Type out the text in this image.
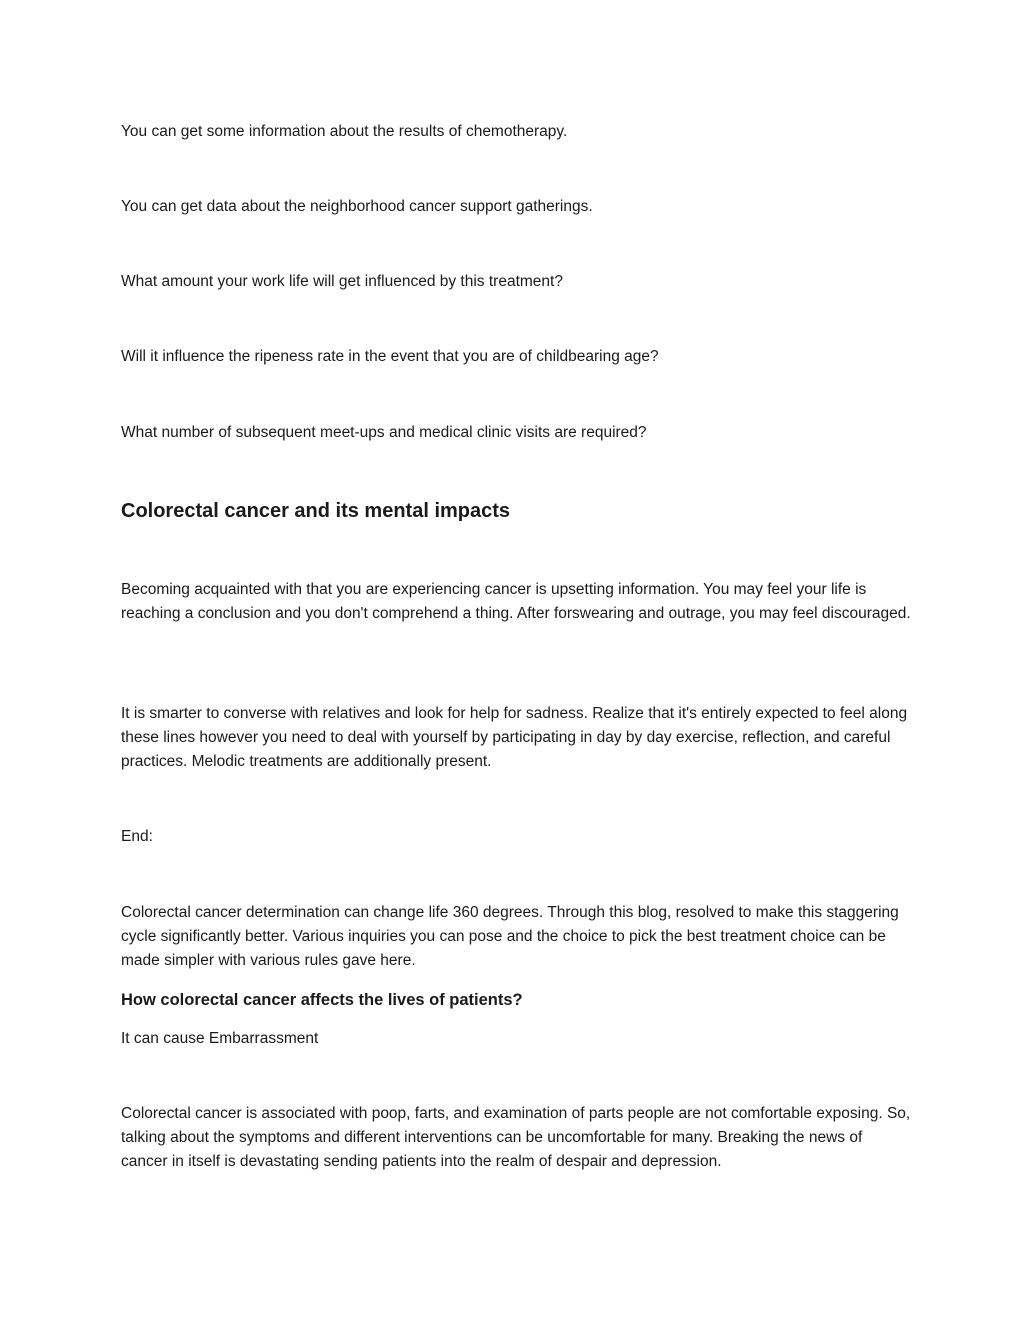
You can get some information about the results of chemotherapy.

You can get data about the neighborhood cancer support gatherings.

What amount your work life will get influenced by this treatment?

Will it influence the ripeness rate in the event that you are of childbearing age?

What number of subsequent meet-ups and medical clinic visits are required?

Colorectal cancer and its mental impacts

Becoming acquainted with that you are experiencing cancer is upsetting information. You may feel your life is reaching a conclusion and you don't comprehend a thing. After forswearing and outrage, you may feel discouraged.

It is smarter to converse with relatives and look for help for sadness. Realize that it's entirely expected to feel along these lines however you need to deal with yourself by participating in day by day exercise, reflection, and careful practices. Melodic treatments are additionally present.

End:

Colorectal cancer determination can change life 360 degrees. Through this blog, resolved to make this staggering cycle significantly better. Various inquiries you can pose and the choice to pick the best treatment choice can be made simpler with various rules gave here.

How colorectal cancer affects the lives of patients?

It can cause Embarrassment

Colorectal cancer is associated with poop, farts, and examination of parts people are not comfortable exposing. So, talking about the symptoms and different interventions can be uncomfortable for many. Breaking the news of cancer in itself is devastating sending patients into the realm of despair and depression.
